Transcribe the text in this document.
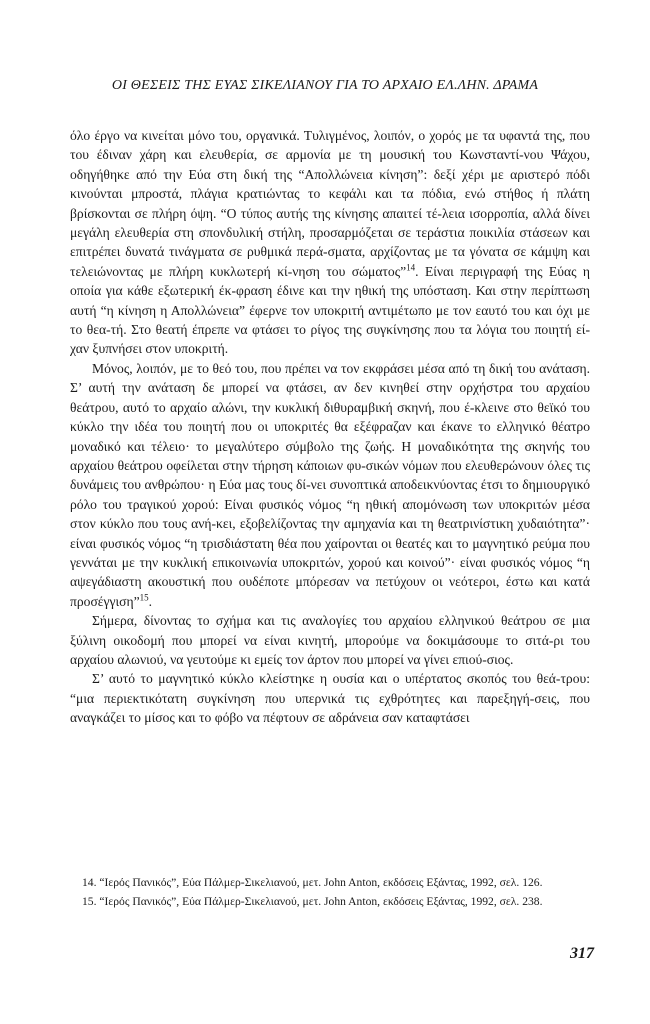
ΟΙ ΘΕΣΕΙΣ ΤΗΣ ΕΥΑΣ ΣΙΚΕΛΙΑΝΟΥ ΓΙΑ ΤΟ ΑΡΧΑΙΟ ΕΛ.ΛΗΝ. ΔΡΑΜΑ

όλο έργο να κινείται μόνο του, οργανικά. Τυλιγμένος, λοιπόν, ο χορός με τα υφαντά της, που του έδιναν χάρη και ελευθερία, σε αρμονία με τη μουσική του Κωνσταντί-νου Ψάχου, οδηγήθηκε από την Εύα στη δική της “Απολλώνεια κίνηση”: δεξί χέρι με αριστερό πόδι κινούνται μπροστά, πλάγια κρατιώντας το κεφάλι και τα πόδια, ενώ στήθος ή πλάτη βρίσκονται σε πλήρη όψη. “Ο τύπος αυτής της κίνησης απαιτεί τέ-λεια ισορροπία, αλλά δίνει μεγάλη ελευθερία στη σπονδυλική στήλη, προσαρμόζεται σε τεράστια ποικιλία στάσεων και επιτρέπει δυνατά τινάγματα σε ρυθμικά περά-σματα, αρχίζοντας με τα γόνατα σε κάμψη και τελειώνοντας με πλήρη κυκλωτερή κί-νηση του σώματος”$^{14}$. Είναι περιγραφή της Εύας η οποία για κάθε εξωτερική έκ-φραση έδινε και την ηθική της υπόσταση. Και στην περίπτωση αυτή “η κίνηση η Απολλώνεια” έφερνε τον υποκριτή αντιμέτωπο με τον εαυτό του και όχι με το θεα-τή. Στο θεατή έπρεπε να φτάσει το ρίγος της συγκίνησης που τα λόγια του ποιητή εί-χαν ξυπνήσει στον υποκριτή.

Μόνος, λοιπόν, με το θεό του, που πρέπει να τον εκφράσει μέσα από τη δική του ανάταση. Σ’ αυτή την ανάταση δε μπορεί να φτάσει, αν δεν κινηθεί στην ορχήστρα του αρχαίου θεάτρου, αυτό το αρχαίο αλώνι, την κυκλική διθυραμβική σκηνή, που έ-κλεινε στο θεϊκό του κύκλο την ιδέα του ποιητή που οι υποκριτές θα εξέφραζαν και έκανε το ελληνικό θέατρο μοναδικό και τέλειο· το μεγαλύτερο σύμβολο της ζωής. Η μοναδικότητα της σκηνής του αρχαίου θεάτρου οφείλεται στην τήρηση κάποιων φυ-σικών νόμων που ελευθερώνουν όλες τις δυνάμεις του ανθρώπου· η Εύα μας τους δί-νει συνοπτικά αποδεικνύοντας έτσι το δημιουργικό ρόλο του τραγικού χορού: Είναι φυσικός νόμος “η ηθική απομόνωση των υποκριτών μέσα στον κύκλο που τους ανή-κει, εξοβελίζοντας την αμηχανία και τη θεατρινίστικη χυδαιότητα”· είναι φυσικός νόμος “η τρισδιάστατη θέα που χαίρονται οι θεατές και το μαγνητικό ρεύμα που γεννάται με την κυκλική επικοινωνία υποκριτών, χορού και κοινού”· είναι φυσικός νόμος “η αψεγάδιαστη ακουστική που ουδέποτε μπόρεσαν να πετύχουν οι νεότεροι, έστω και κατά προσέγγιση”$^{15}$.

Σήμερα, δίνοντας το σχήμα και τις αναλογίες του αρχαίου ελληνικού θεάτρου σε μια ξύλινη οικοδομή που μπορεί να είναι κινητή, μπορούμε να δοκιμάσουμε το σιτά-ρι του αρχαίου αλωνιού, να γευτούμε κι εμείς τον άρτον που μπορεί να γίνει επιού-σιος.

Σ’ αυτό το μαγνητικό κύκλο κλείστηκε η ουσία και ο υπέρτατος σκοπός του θεά-τρου: “μια περιεκτικότατη συγκίνηση που υπερνικά τις εχθρότητες και παρεξηγή-σεις, που αναγκάζει το μίσος και το φόβο να πέφτουν σε αδράνεια σαν καταφτάσει

14. “Ιερός Πανικός”, Εύα Πάλμερ-Σικελιανού, μετ. John Anton, εκδόσεις Εξάντας, 1992, σελ. 126.
15. “Ιερός Πανικός”, Εύα Πάλμερ-Σικελιανού, μετ. John Anton, εκδόσεις Εξάντας, 1992, σελ. 238.
317
